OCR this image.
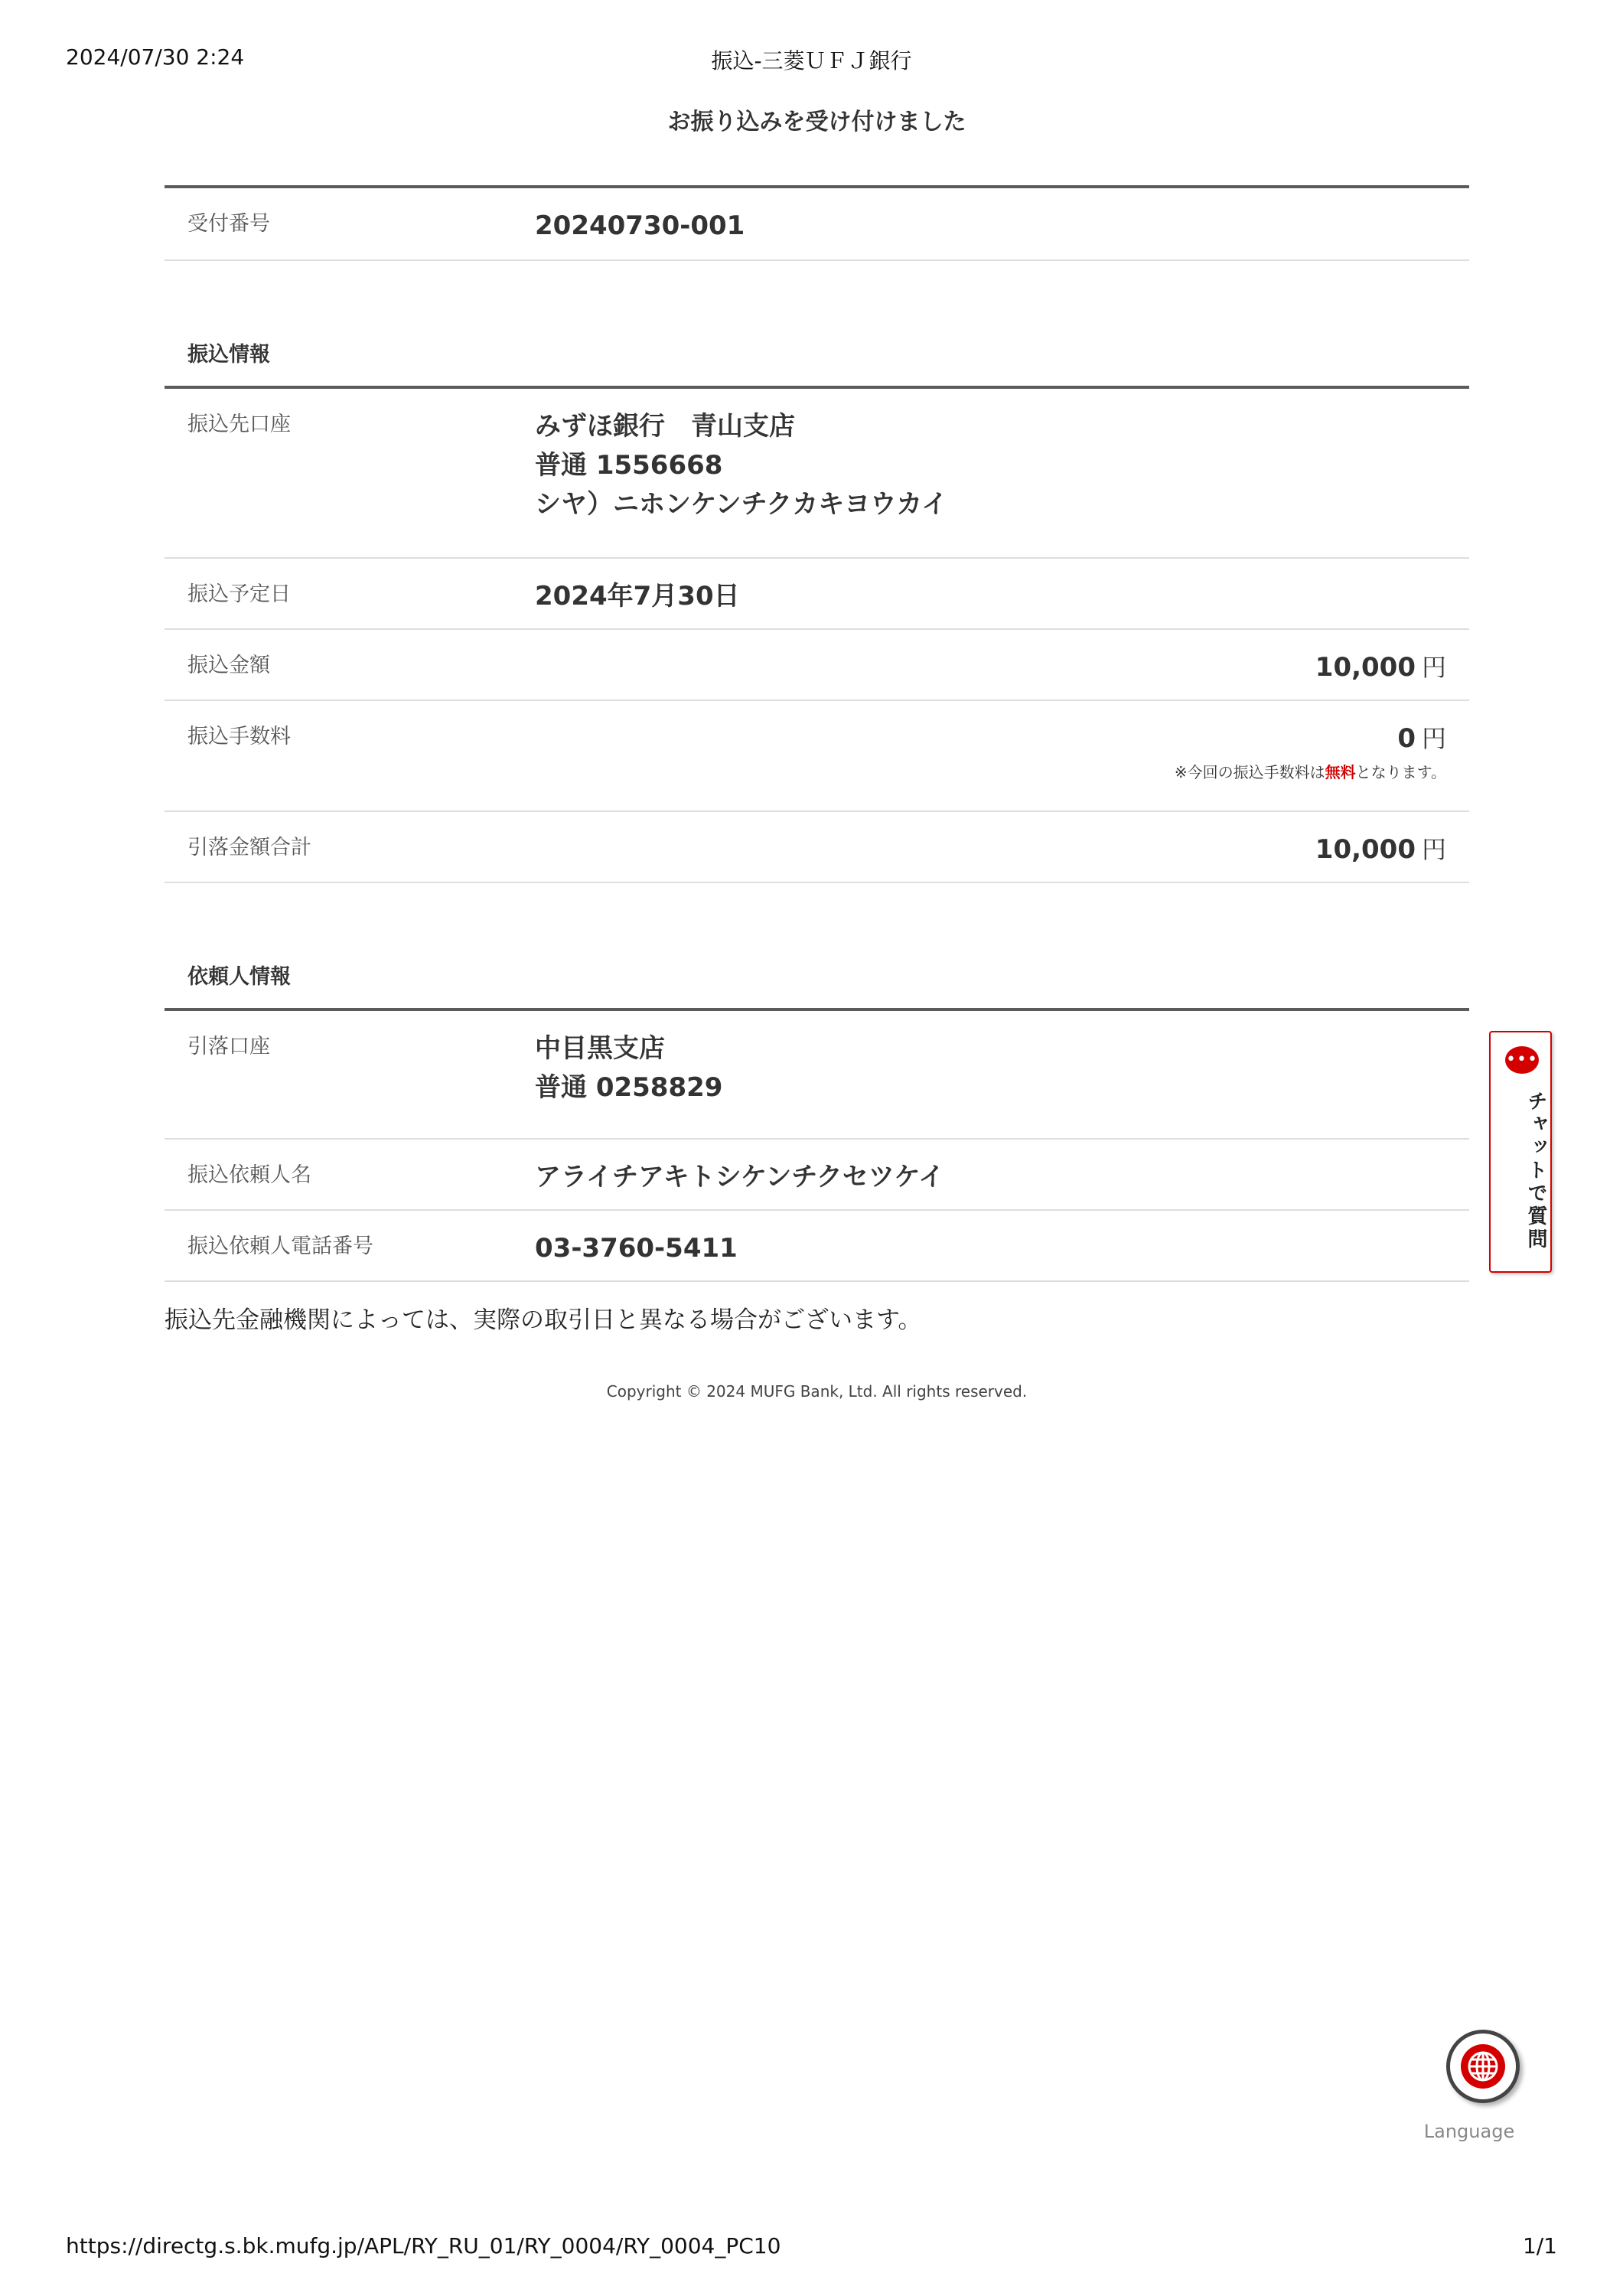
2024/07/30 2:24	振込-三菱ＵＦＪ銀行
お振り込みを受け付けました
受付番号	20240730-001
振込情報
振込先口座	みずほ銀行　青山支店
普通 1556668
シヤ）ニホンケンチクカキヨウカイ
振込予定日	2024年7月30日
振込金額	10,000 円
振込手数料	0 円
※今回の振込手数料は無料となります。
引落金額合計	10,000 円
依頼人情報
引落口座	中目黒支店
普通 0258829
振込依頼人名	アライチアキトシケンチクセツケイ
振込依頼人電話番号	03-3760-5411
振込先金融機関によっては、実際の取引日と異なる場合がございます。
Copyright © 2024 MUFG Bank, Ltd. All rights reserved.
•••
チャットで質問
Language
https://directg.s.bk.mufg.jp/APL/RY_RU_01/RY_0004/RY_0004_PC10	1/1
